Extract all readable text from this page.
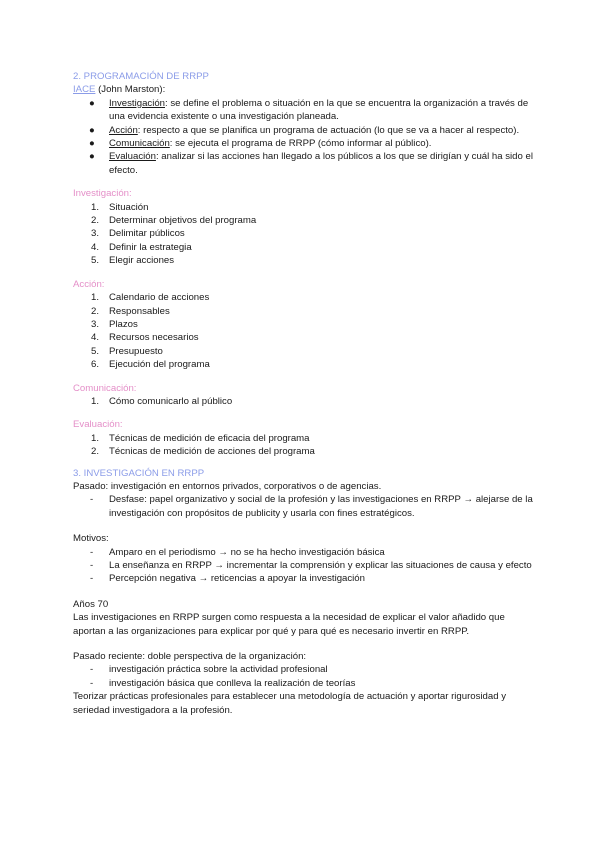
2. PROGRAMACIÓN DE RRPP

IACE (John Marston):

● Investigación: se define el problema o situación en la que se encuentra la organización a través de una evidencia existente o una investigación planeada.
● Acción: respecto a que se planifica un programa de actuación (lo que se va a hacer al respecto).
● Comunicación: se ejecuta el programa de RRPP (cómo informar al público).
● Evaluación: analizar si las acciones han llegado a los públicos a los que se dirigían y cuál ha sido el efecto.

Investigación:

1. Situación
2. Determinar objetivos del programa
3. Delimitar públicos
4. Definir la estrategia
5. Elegir acciones

Acción:

1. Calendario de acciones
2. Responsables
3. Plazos
4. Recursos necesarios
5. Presupuesto
6. Ejecución del programa

Comunicación:

1. Cómo comunicarlo al público

Evaluación:

1. Técnicas de medición de eficacia del programa
2. Técnicas de medición de acciones del programa

3. INVESTIGACIÓN EN RRPP

Pasado: investigación en entornos privados, corporativos o de agencias.

- Desfase: papel organizativo y social de la profesión y las investigaciones en RRPP → alejarse de la investigación con propósitos de publicity y usarla con fines estratégicos.

Motivos:

- Amparo en el periodismo → no se ha hecho investigación básica
- La enseñanza en RRPP → incrementar la comprensión y explicar las situaciones de causa y efecto
- Percepción negativa → reticencias a apoyar la investigación

Años 70

Las investigaciones en RRPP surgen como respuesta a la necesidad de explicar el valor añadido que aportan a las organizaciones para explicar por qué y para qué es necesario invertir en RRPP.

Pasado reciente: doble perspectiva de la organización:

- investigación práctica sobre la actividad profesional
- investigación básica que conlleva la realización de teorías

Teorizar prácticas profesionales para establecer una metodología de actuación y aportar rigurosidad y seriedad investigadora a la profesión.
